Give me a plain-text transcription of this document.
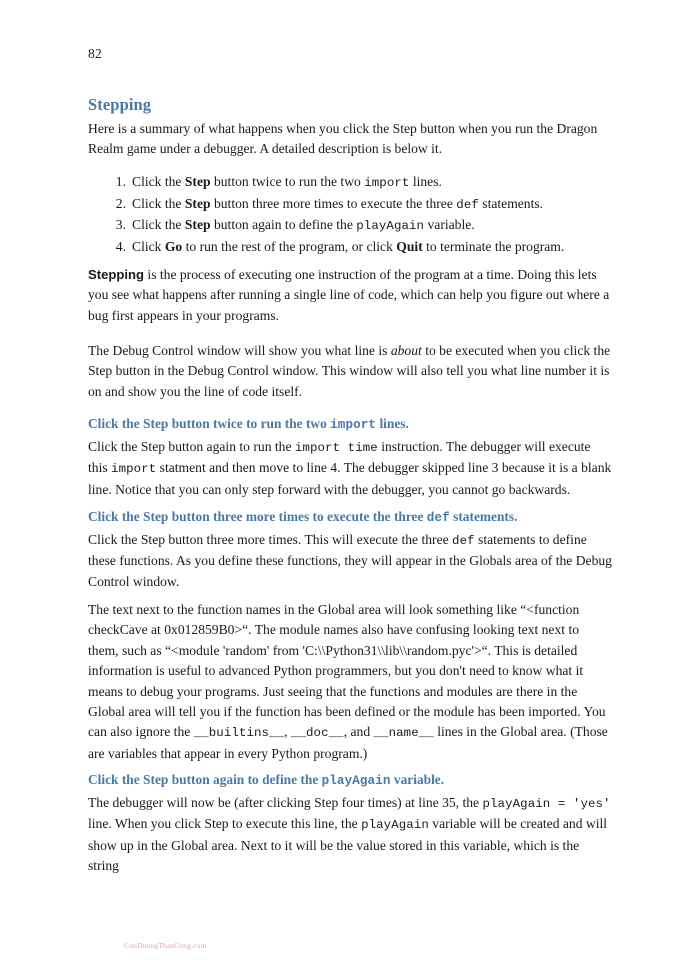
82
Stepping

Here is a summary of what happens when you click the Step button when you run the Dragon Realm game under a debugger. A detailed description is below it.

1. Click the Step button twice to run the two import lines.
2. Click the Step button three more times to execute the three def statements.
3. Click the Step button again to define the playAgain variable.
4. Click Go to run the rest of the program, or click Quit to terminate the program.

Stepping is the process of executing one instruction of the program at a time. Doing this lets you see what happens after running a single line of code, which can help you figure out where a bug first appears in your programs.

The Debug Control window will show you what line is about to be executed when you click the Step button in the Debug Control window. This window will also tell you what line number it is on and show you the line of code itself.

Click the Step button twice to run the two import lines.

Click the Step button again to run the import time instruction. The debugger will execute this import statment and then move to line 4. The debugger skipped line 3 because it is a blank line. Notice that you can only step forward with the debugger, you cannot go backwards.

Click the Step button three more times to execute the three def statements.

Click the Step button three more times. This will execute the three def statements to define these functions. As you define these functions, they will appear in the Globals area of the Debug Control window.

The text next to the function names in the Global area will look something like “<function checkCave at 0x012859B0>“. The module names also have confusing looking text next to them, such as “<module 'random' from 'C:\\Python31\\lib\\random.pyc'>“. This is detailed information is useful to advanced Python programmers, but you don't need to know what it means to debug your programs. Just seeing that the functions and modules are there in the Global area will tell you if the function has been defined or the module has been imported. You can also ignore the __builtins__, __doc__, and __name__ lines in the Global area. (Those are variables that appear in every Python program.)

Click the Step button again to define the playAgain variable.

The debugger will now be (after clicking Step four times) at line 35, the playAgain = 'yes' line. When you click Step to execute this line, the playAgain variable will be created and will show up in the Global area. Next to it will be the value stored in this variable, which is the string

CuuDuongThanCong.com
